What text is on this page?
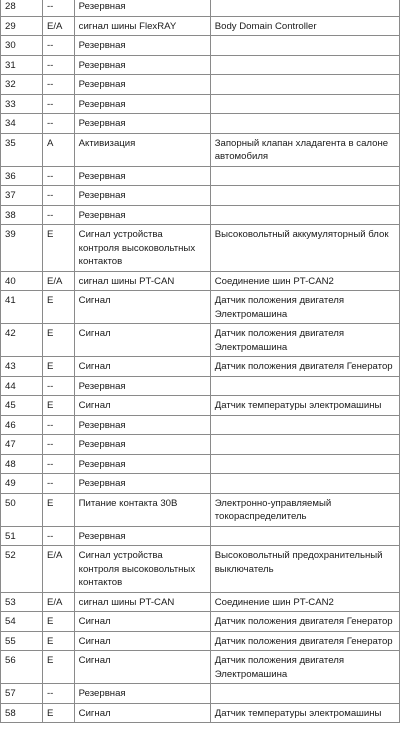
28	--	Резервная	
29	E/A	сигнал шины FlexRAY	Body Domain Controller
30	--	Резервная	
31	--	Резервная	
32	--	Резервная	
33	--	Резервная	
34	--	Резервная	
35	A	Активизация	Запорный клапан хладагента в салоне автомобиля
36	--	Резервная	
37	--	Резервная	
38	--	Резервная	
39	E	Сигнал устройства контроля высоковольтных контактов	Высоковольтный аккумуляторный блок
40	E/A	сигнал шины PT-CAN	Соединение шин PT-CAN2
41	E	Сигнал	Датчик положения двигателя Электромашина
42	E	Сигнал	Датчик положения двигателя Электромашина
43	E	Сигнал	Датчик положения двигателя Генератор
44	--	Резервная	
45	E	Сигнал	Датчик температуры электромашины
46	--	Резервная	
47	--	Резервная	
48	--	Резервная	
49	--	Резервная	
50	E	Питание контакта 30В	Электронно-управляемый токораспределитель
51	--	Резервная	
52	E/A	Сигнал устройства контроля высоковольтных контактов	Высоковольтный предохранительный выключатель
53	E/A	сигнал шины PT-CAN	Соединение шин PT-CAN2
54	E	Сигнал	Датчик положения двигателя Генератор
55	E	Сигнал	Датчик положения двигателя Генератор
56	E	Сигнал	Датчик положения двигателя Электромашина
57	--	Резервная	
58	E	Сигнал	Датчик температуры электромашины
